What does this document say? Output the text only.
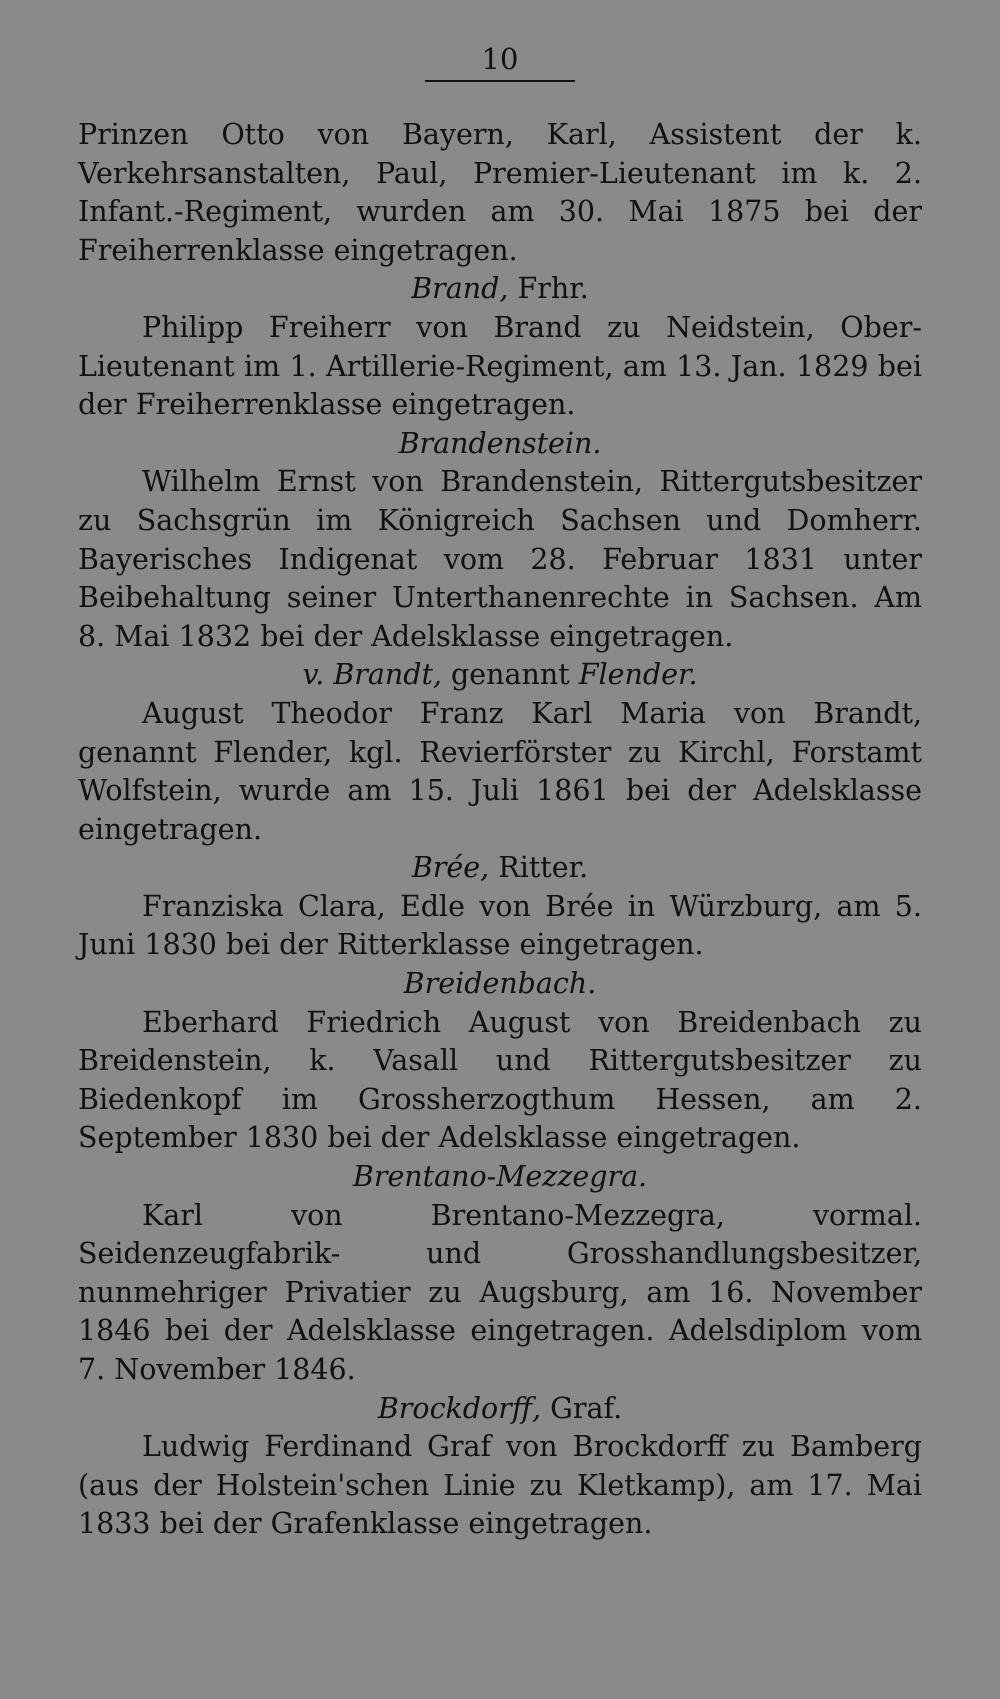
10

Prinzen Otto von Bayern, Karl, Assistent der k. Verkehrsanstalten, Paul, Premier-Lieutenant im k. 2. Infant.-Regiment, wurden am 30. Mai 1875 bei der Freiherrenklasse eingetragen.

Brand, Frhr.

Philipp Freiherr von Brand zu Neidstein, Ober-Lieutenant im 1. Artillerie-Regiment, am 13. Jan. 1829 bei der Freiherrenklasse eingetragen.

Brandenstein.

Wilhelm Ernst von Brandenstein, Rittergutsbesitzer zu Sachsgrün im Königreich Sachsen und Domherr. Bayerisches Indigenat vom 28. Februar 1831 unter Beibehaltung seiner Unterthanenrechte in Sachsen. Am 8. Mai 1832 bei der Adelsklasse eingetragen.

v. Brandt, genannt Flender.

August Theodor Franz Karl Maria von Brandt, genannt Flender, kgl. Revierförster zu Kirchl, Forstamt Wolfstein, wurde am 15. Juli 1861 bei der Adelsklasse eingetragen.

Brée, Ritter.

Franziska Clara, Edle von Brée in Würzburg, am 5. Juni 1830 bei der Ritterklasse eingetragen.

Breidenbach.

Eberhard Friedrich August von Breidenbach zu Breidenstein, k. Vasall und Rittergutsbesitzer zu Biedenkopf im Grossherzogthum Hessen, am 2. September 1830 bei der Adelsklasse eingetragen.

Brentano-Mezzegra.

Karl von Brentano-Mezzegra, vormal. Seidenzeugfabrik- und Grosshandlungsbesitzer, nunmehriger Privatier zu Augsburg, am 16. November 1846 bei der Adelsklasse eingetragen. Adelsdiplom vom 7. November 1846.

Brockdorff, Graf.

Ludwig Ferdinand Graf von Brockdorff zu Bamberg (aus der Holstein'schen Linie zu Kletkamp), am 17. Mai 1833 bei der Grafenklasse eingetragen.
